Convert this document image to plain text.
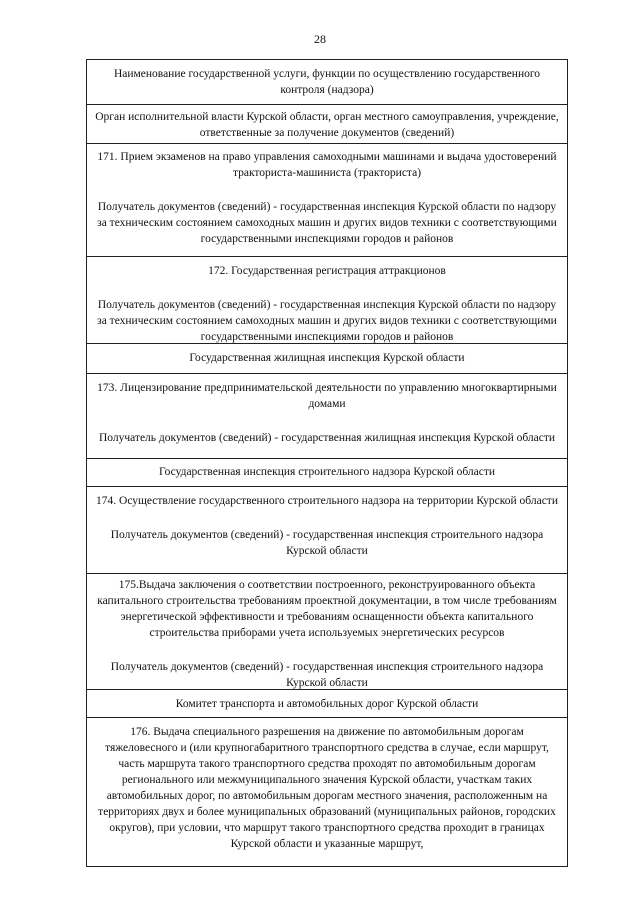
28

Наименование государственной услуги, функции по осуществлению государственного контроля (надзора)

Орган исполнительной власти Курской области, орган местного самоуправления, учреждение, ответственные за получение документов (сведений)

171. Прием экзаменов на право управления самоходными машинами и выдача удостоверений тракториста-машиниста (тракториста)

Получатель документов (сведений) - государственная инспекция Курской области по надзору за техническим состоянием самоходных машин и других видов техники с соответствующими государственными инспекциями городов и районов

172. Государственная регистрация аттракционов

Получатель документов (сведений) - государственная инспекция Курской области по надзору за техническим состоянием самоходных машин и других видов техники с соответствующими государственными инспекциями городов и районов

Государственная жилищная инспекция Курской области

173. Лицензирование предпринимательской деятельности по управлению многоквартирными домами

Получатель документов (сведений) - государственная жилищная инспекция Курской области

Государственная инспекция строительного надзора Курской области

174. Осуществление государственного строительного надзора на территории Курской области

Получатель документов (сведений) - государственная инспекция строительного надзора Курской области

175.Выдача заключения о соответствии построенного, реконструированного объекта капитального строительства требованиям проектной документации, в том числе требованиям энергетической эффективности и требованиям оснащенности объекта капитального строительства приборами учета используемых энергетических ресурсов

Получатель документов (сведений) - государственная инспекция строительного надзора Курской области

Комитет транспорта и автомобильных дорог Курской области

176. Выдача специального разрешения на движение по автомобильным дорогам тяжеловесного и (или крупногабаритного транспортного средства в случае, если маршрут, часть маршрута такого транспортного средства проходят по автомобильным дорогам регионального или межмуниципального значения Курской области, участкам таких автомобильных дорог, по автомобильным дорогам местного значения, расположенным на территориях двух и более муниципальных образований (муниципальных районов, городских округов), при условии, что маршрут такого транспортного средства проходит в границах Курской области и указанные маршрут,
